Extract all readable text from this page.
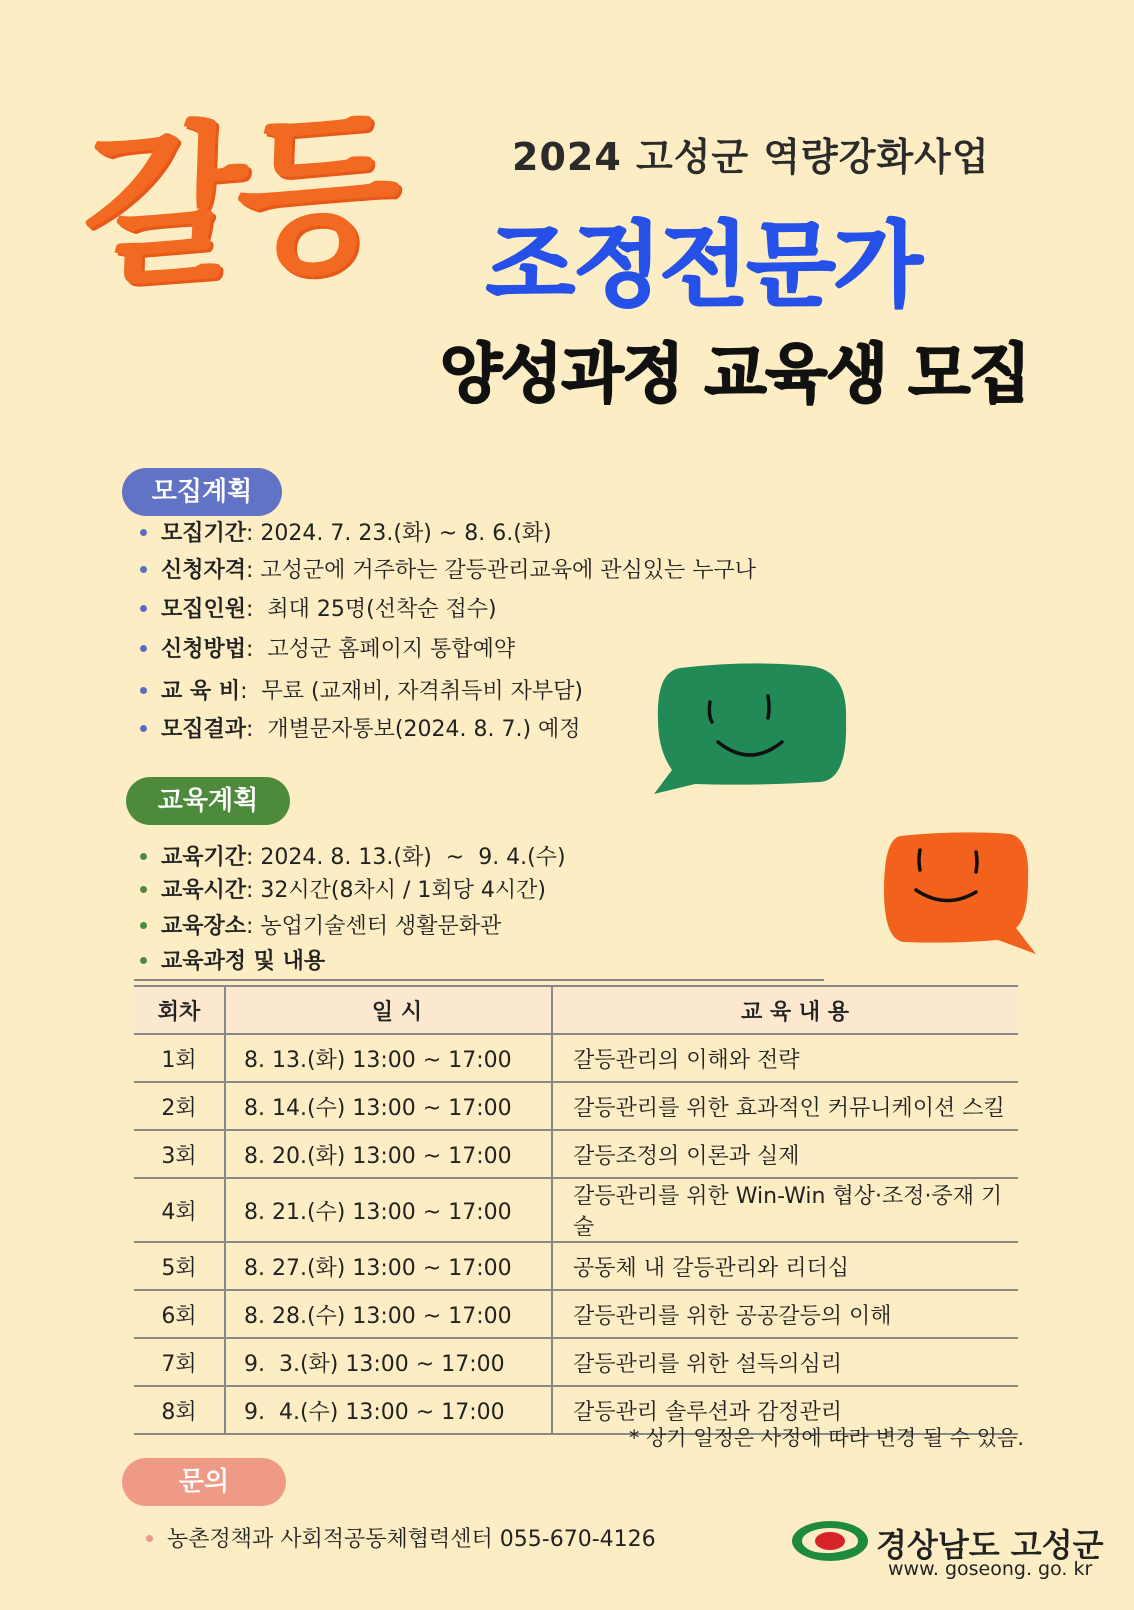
2024 고성군 역량강화사업
갈등 조정전문가
양성과정 교육생 모집
모집계획
모집기간: 2024. 7. 23.(화) ~ 8. 6.(화)
신청자격: 고성군에 거주하는 갈등관리교육에 관심있는 누구나
모집인원:  최대 25명(선착순 접수)
신청방법:  고성군 홈페이지 통합예약
교 육 비:  무료 (교재비, 자격취득비 자부담)
모집결과:  개별문자통보(2024. 8. 7.) 예정
교육계획
교육기간: 2024. 8. 13.(화)  ~  9. 4.(수)
교육시간: 32시간(8차시 / 1회당 4시간)
교육장소: 농업기술센터 생활문화관
교육과정 및 내용
회차	일 시	교 육 내 용
1회	8. 13.(화) 13:00 ~ 17:00	갈등관리의 이해와 전략
2회	8. 14.(수) 13:00 ~ 17:00	갈등관리를 위한 효과적인 커뮤니케이션 스킬
3회	8. 20.(화) 13:00 ~ 17:00	갈등조정의 이론과 실제
4회	8. 21.(수) 13:00 ~ 17:00	갈등관리를 위한 Win-Win 협상·조정·중재 기술
5회	8. 27.(화) 13:00 ~ 17:00	공동체 내 갈등관리와 리더십
6회	8. 28.(수) 13:00 ~ 17:00	갈등관리를 위한 공공갈등의 이해
7회	9.  3.(화) 13:00 ~ 17:00	갈등관리를 위한 설득의심리
8회	9.  4.(수) 13:00 ~ 17:00	갈등관리 솔루션과 감정관리
* 상기 일정은 사정에 따라 변경 될 수 있음.
문의
농촌정책과 사회적공동체협력센터 055-670-4126	경상남도 고성군
www. goseong. go. kr
